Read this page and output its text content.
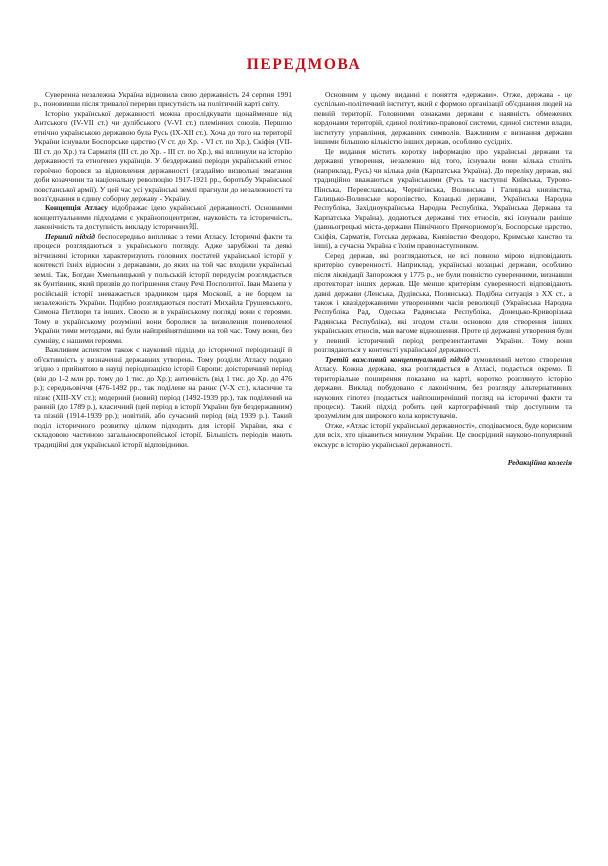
ПЕРЕДМОВА

Суверенна незалежна Україна відновила свою державність 24 серпня 1991 р., поновивши після тривалої перерви присутність на політичній карті світу.

Історію української державності можна прослідкувати щонайменше від Антського (IV-VII ст.) чи дулібського (V-VI ст.) племінних союзів. Першою етнічно українською державою була Русь (IX-XII ст.). Хоча до того на території України існували Боспорське царство (V ст. до Хр. - VI ст. по Хр.), Скіфія (VII-III ст. до Хр.) та Сарматія (III ст. до Хр. - III ст. по Хр.), які вплинули на історію державності та етногенез українців. У бездержавні періоди український етнос героїчно боровся за відновлення державності (згадаймо визвольні змагання доби козаччини та національну революцію 1917-1921 рр., боротьбу Української повстанської армії). У цей час усі українські землі прагнули до незалежності та возз'єднання в єдину соборну державу - Україну.

Концепція Атласу відображає ідею української державності. Основними концептуальними підходами є українопоцентризм, науковість та історичність, лаконічність та доступність викладу історичних知.

Перший підхід беспосередньо випливає з теми Атласу. Історичні факти та процеси розглядаються з українського погляду. Адже зарубіжні та деякі вітчизняні історики характеризують головних постатей української історії у контексті їхніх відносин з державами, до яких на той час входили українські землі. Так, Богдан Хмельницький у польській історії передусім розглядається як бунтівник, який призвів до погіршення стану Речі Посполитої. Іван Мазепа у російській історії зневажається зрадником царя Московії, а не борцем за незалежність України. Подібно розглядаються постаті Михайла Грушевського, Симона Петлюри та інших. Своєю ж в українському погляді вони є героями. Тому в українському розумінні вони боролися за визволення поневоленої України тими методами, які були найприйнятнішими на той час. Тому вони, без сумніву, є нашими героями.

Важливим аспектом також є науковий підхід до історичної періодизації й об'єктивність у визначенні державних утворень. Тому розділи Атласу подано згідно з прийнятою в науці періодизацією історії Європи: доісторичний період (він до 1-2 млн рр. тому до 1 тис. до Хр.); античність (від 1 тис. до Хр. до 476 р.); середньовіччя (476-1492 рр., так поділене на раннє (V-X ст.), класичне та пізнє (XIII-XV ст.); модерний (новий) період (1492-1939 рр.), так поділений на ранній (до 1789 р.), класичний (цей період в історії України був бездержавним) та пізній (1914-1939 рр.); новітній, або сучасний період (від 1939 р.). Такий поділ історичного розвитку цілком підходить для історії України, яка є складовою частиною загальноєвропейської історії. Більшість періодів мають традиційні для української історії відповідники.

Основним у цьому виданні є поняття «держави». Отже, держава - це суспільно-політичний інститут, який є формою організації об'єднання людей на певній території. Головними ознаками держави є наявність обмежених кордонами територій, єдиної політико-правової системи, єдиної системи влади, інституту управління, державних символів. Важливим є визнання держави іншими більшою кількістю інших держав, особливо сусідніх.

Це видання містить коротку інформацію про українські держави та державні утворення, незалежно від того, існували вони кілька століть (наприклад, Русь) чи кілька днів (Карпатська Україна). До переліку держав, які традиційно вважаються українськими (Русь та наступні Київська, Турово-Пінська, Переяславська, Чернігівська, Волинська і Галицька князівства, Галицько-Волинське королівство, Козацькі держави, Українська Народна Республіка, Західноукраїнська Народна Республіка, Українська Держава та Карпатська Україна), додаються державні тих етносів, які існували раніше (давньогрецькі міста-держави Північного Причорномор'я, Боспорське царство, Скіфія, Сарматія, Готська держава, Князівство Феодоро, Кримське ханство та інші), а сучасна Україна є їхнім правонаступником.

Серед держав, які розглядаються, не всі повною мірою відповідають критерію суверенності. Наприклад, українські козацькі держави, особливо після ліквідації Запорожжя у 1775 р., не були повністю суверенними, визнавши протекторат інших держав. Ще менше критеріям суверенності відповідають давні держави (Ленська, Дудівська, Полянська). Подібна ситуація з ХХ ст., а також і квазідержавними утвореннями часів революції (Українська Народна Республіка Рад, Одеська Радянська Республіка, Донецько-Криворізька Радянська Республіка), які згодом стали основою для створення інших українських етносів, мав вагоме відношення. Проте ці державні утворення були у певний історичний період репрезентантами України. Тому вони розглядаються у контексті української державності.

Третій важливий концептуальний підхід зумовлений метою створення Атласу. Кожна держава, яка розглядається в Атласі, подається окремо. Її територіальне поширення показано на карті, коротко розглянуто історію держави. Виклад побудовано є лаконічним, без розгляду альтернативних наукових гіпотез (подається найпоширеніший погляд на історичні факти та процеси). Такий підхід робить цей картографічний твір доступним та зрозумілим для широкого кола користувачів.

Отже, «Атлас історії української державності», сподіваємося, буде корисним для всіх, хто цікавиться минулим України. Це своєрідний науково-популярний екскурс в історію української державності.

Редакційна колегія
